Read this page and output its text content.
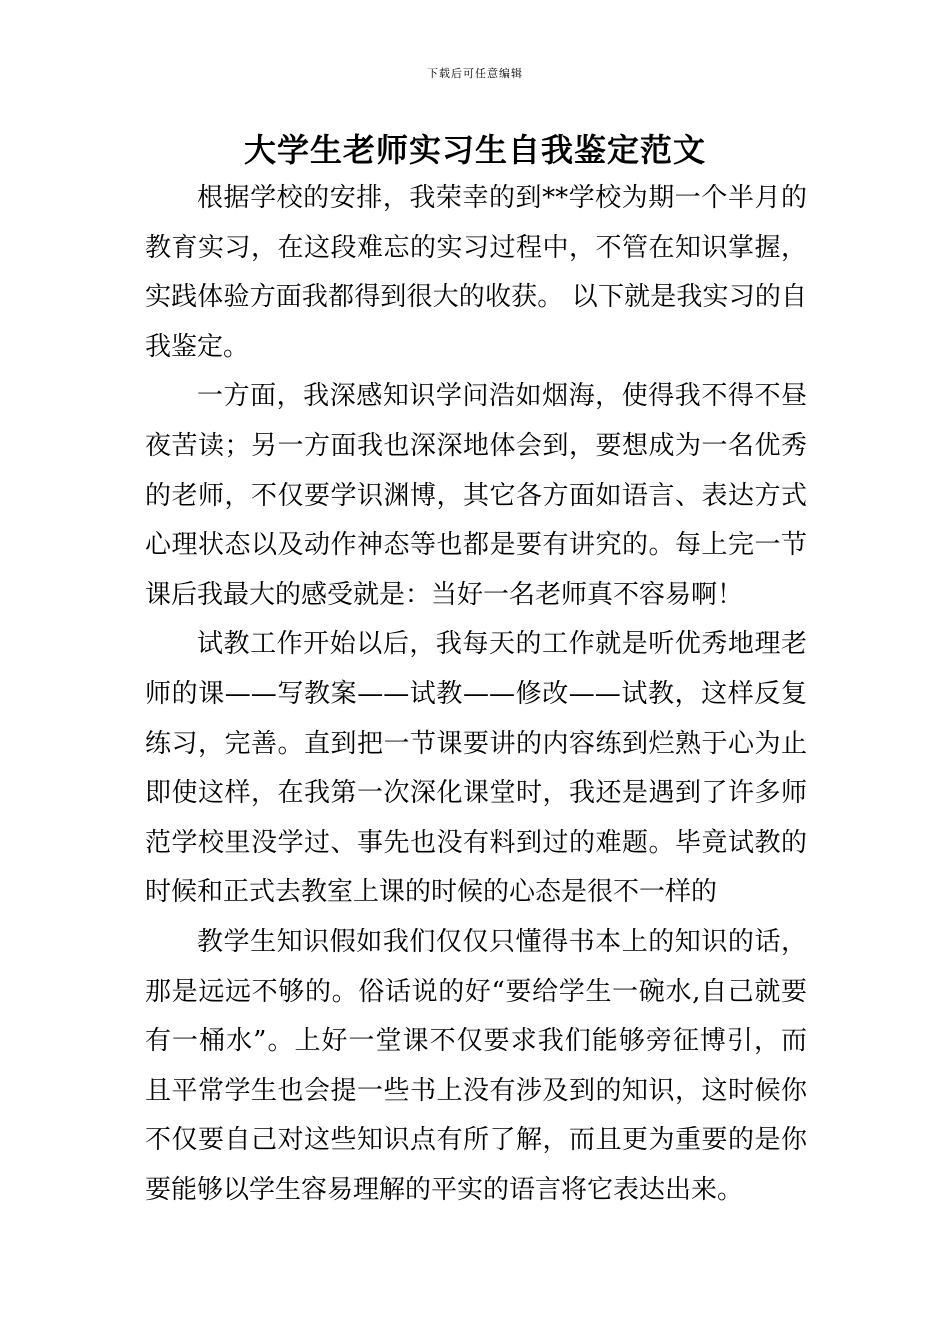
下载后可任意编辑
大学生老师实习生自我鉴定范文

根据学校的安排，我荣幸的到**学校为期一个半月的教育实习，在这段难忘的实习过程中，不管在知识掌握，实践体验方面我都得到很大的收获。 以下就是我实习的自我鉴定。

一方面，我深感知识学问浩如烟海，使得我不得不昼夜苦读；另一方面我也深深地体会到，要想成为一名优秀的老师，不仅要学识渊博，其它各方面如语言、表达方式心理状态以及动作神态等也都是要有讲究的。每上完一节课后我最大的感受就是：当好一名老师真不容易啊！

试教工作开始以后，我每天的工作就是听优秀地理老师的课——写教案——试教——修改——试教，这样反复练习，完善。直到把一节课要讲的内容练到烂熟于心为止即使这样，在我第一次深化课堂时，我还是遇到了许多师范学校里没学过、事先也没有料到过的难题。毕竟试教的时候和正式去教室上课的时候的心态是很不一样的

教学生知识假如我们仅仅只懂得书本上的知识的话，那是远远不够的。俗话说的好“要给学生一碗水,自己就要有一桶水”。上好一堂课不仅要求我们能够旁征博引，而且平常学生也会提一些书上没有涉及到的知识，这时候你不仅要自己对这些知识点有所了解，而且更为重要的是你要能够以学生容易理解的平实的语言将它表达出来。
